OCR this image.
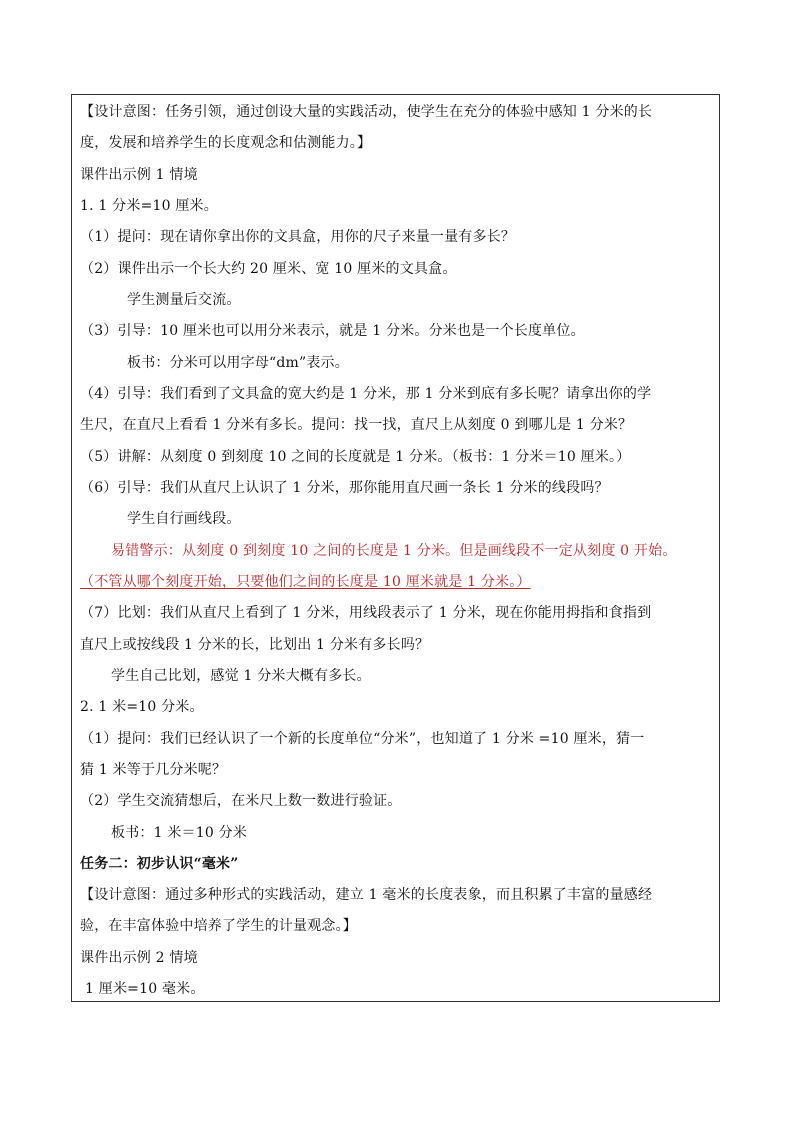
【设计意图：任务引领，通过创设大量的实践活动，使学生在充分的体验中感知 1 分米的长
度，发展和培养学生的长度观念和估测能力。】
课件出示例 1 情境
1. 1 分米=10 厘米。
（1）提问：现在请你拿出你的文具盒，用你的尺子来量一量有多长？
（2）课件出示一个长大约 20 厘米、宽 10 厘米的文具盒。
学生测量后交流。
（3）引导：10 厘米也可以用分米表示，就是 1 分米。分米也是一个长度单位。
板书：分米可以用字母“dm”表示。
（4）引导：我们看到了文具盒的宽大约是 1 分米，那 1 分米到底有多长呢？请拿出你的学
生尺，在直尺上看看 1 分米有多长。提问：找一找，直尺上从刻度 0 到哪儿是 1 分米？
（5）讲解：从刻度 0 到刻度 10 之间的长度就是 1 分米。（板书：1 分米＝10 厘米。）
（6）引导：我们从直尺上认识了 1 分米，那你能用直尺画一条长 1 分米的线段吗？
学生自行画线段。
易错警示：从刻度 0 到刻度 10 之间的长度是 1 分米。但是画线段不一定从刻度 0 开始。
（不管从哪个刻度开始，只要他们之间的长度是 10 厘米就是 1 分米。）
（7）比划：我们从直尺上看到了 1 分米，用线段表示了 1 分米，现在你能用拇指和食指到
直尺上或按线段 1 分米的长，比划出 1 分米有多长吗？
学生自己比划，感觉 1 分米大概有多长。
2. 1 米=10 分米。
（1）提问：我们已经认识了一个新的长度单位“分米”，也知道了 1 分米 =10 厘米，猜一
猜 1 米等于几分米呢？
（2）学生交流猜想后，在米尺上数一数进行验证。
板书：1 米＝10 分米
任务二：初步认识“毫米”
【设计意图：通过多种形式的实践活动，建立 1 毫米的长度表象，而且积累了丰富的量感经
验，在丰富体验中培养了学生的计量观念。】
课件出示例 2 情境
1 厘米=10 毫米。
